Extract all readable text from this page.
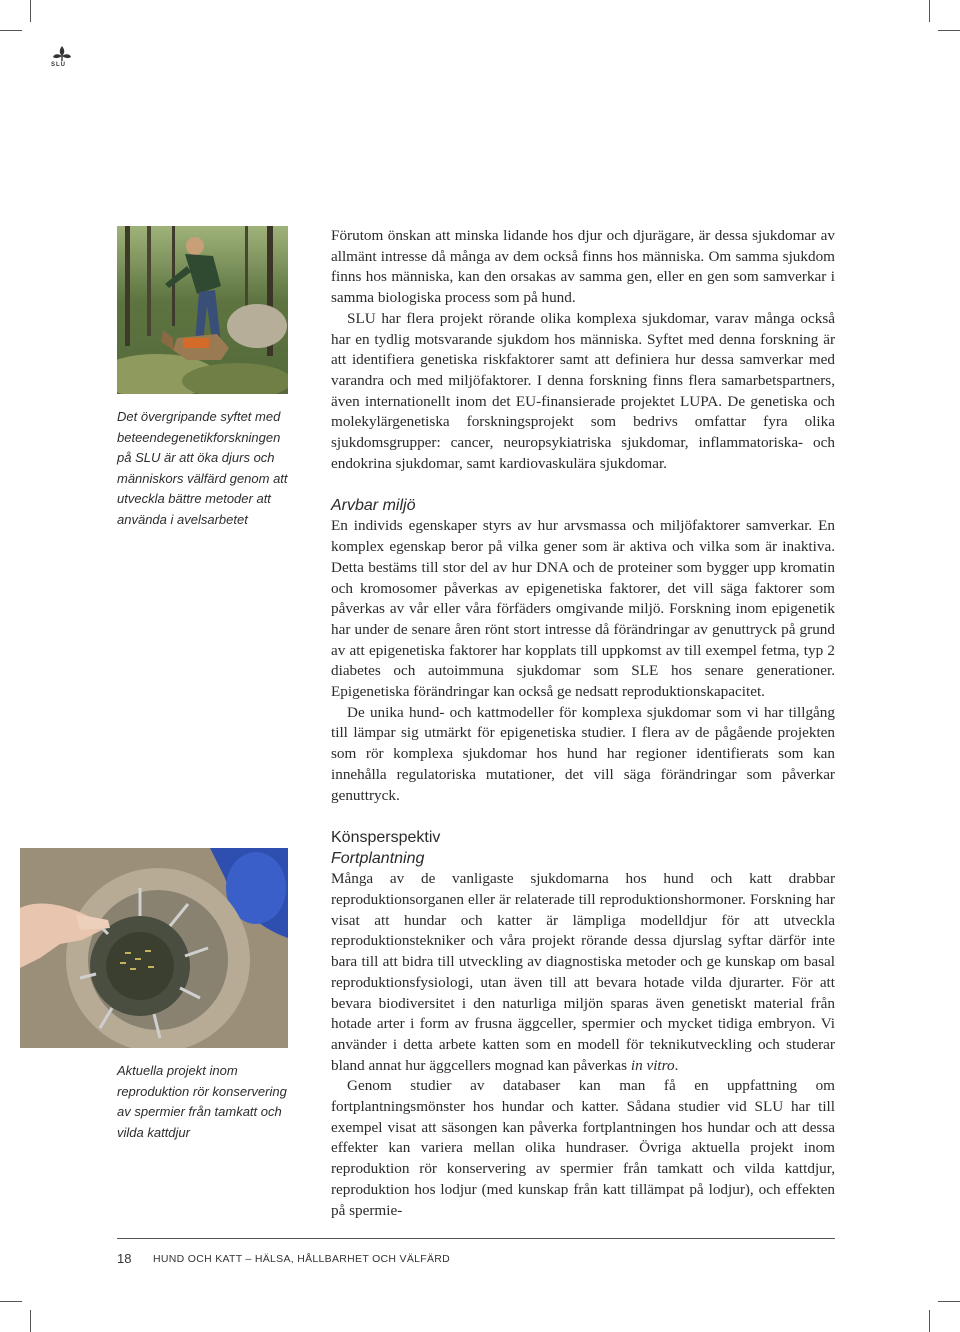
SLU
Det övergripande syftet med beteendegenetikforskningen på SLU är att öka djurs och människors välfärd genom att utveckla bättre metoder att använda i avelsarbetet
Aktuella projekt inom reproduktion rör konservering av spermier från tamkatt och vilda kattdjur

Förutom önskan att minska lidande hos djur och djurägare, är dessa sjukdomar av allmänt intresse då många av dem också finns hos människa. Om samma sjukdom finns hos människa, kan den orsakas av samma gen, eller en gen som samverkar i samma biologiska process som på hund.

SLU har flera projekt rörande olika komplexa sjukdomar, varav många också har en tydlig motsvarande sjukdom hos människa. Syftet med denna forskning är att identifiera genetiska riskfaktorer samt att definiera hur dessa samverkar med varandra och med miljöfaktorer. I denna forskning finns flera samarbetspartners, även internationellt inom det EU-finansierade projektet LUPA. De genetiska och molekylärgenetiska forskningsprojekt som bedrivs omfattar fyra olika sjukdomsgrupper: cancer, neuropsykiatriska sjukdomar, inflammatoriska- och endokrina sjukdomar, samt kardiovaskulära sjukdomar.

Arvbar miljö

En individs egenskaper styrs av hur arvsmassa och miljöfaktorer samverkar. En komplex egenskap beror på vilka gener som är aktiva och vilka som är inaktiva. Detta bestäms till stor del av hur DNA och de proteiner som bygger upp kromatin och kromosomer påverkas av epigenetiska faktorer, det vill säga faktorer som påverkas av vår eller våra förfäders omgivande miljö. Forskning inom epigenetik har under de senare åren rönt stort intresse då förändringar av genuttryck på grund av att epigenetiska faktorer har kopplats till uppkomst av till exempel fetma, typ 2 diabetes och autoimmuna sjukdomar som SLE hos senare generationer. Epigenetiska förändringar kan också ge nedsatt reproduktionskapacitet.

De unika hund- och kattmodeller för komplexa sjukdomar som vi har tillgång till lämpar sig utmärkt för epigenetiska studier. I flera av de pågående projekten som rör komplexa sjukdomar hos hund har regioner identifierats som kan innehålla regulatoriska mutationer, det vill säga förändringar som påverkar genuttryck.

Könsperspektiv
Fortplantning

Många av de vanligaste sjukdomarna hos hund och katt drabbar reproduktionsorganen eller är relaterade till reproduktionshormoner. Forskning har visat att hundar och katter är lämpliga modelldjur för att utveckla reproduktionstekniker och våra projekt rörande dessa djurslag syftar därför inte bara till att bidra till utveckling av diagnostiska metoder och ge kunskap om basal reproduktionsfysiologi, utan även till att bevara hotade vilda djurarter. För att bevara biodiversitet i den naturliga miljön sparas även genetiskt material från hotade arter i form av frusna äggceller, spermier och mycket tidiga embryon. Vi använder i detta arbete katten som en modell för teknikutveckling och studerar bland annat hur äggcellers mognad kan påverkas in vitro.

Genom studier av databaser kan man få en uppfattning om fortplantningsmönster hos hundar och katter. Sådana studier vid SLU har till exempel visat att säsongen kan påverka fortplantningen hos hundar och att dessa effekter kan variera mellan olika hundraser. Övriga aktuella projekt inom reproduktion rör konservering av spermier från tamkatt och vilda kattdjur, reproduktion hos lodjur (med kunskap från katt tillämpat på lodjur), och effekten på spermie-

18 HUND OCH KATT – HÄLSA, HÅLLBARHET OCH VÄLFÄRD
